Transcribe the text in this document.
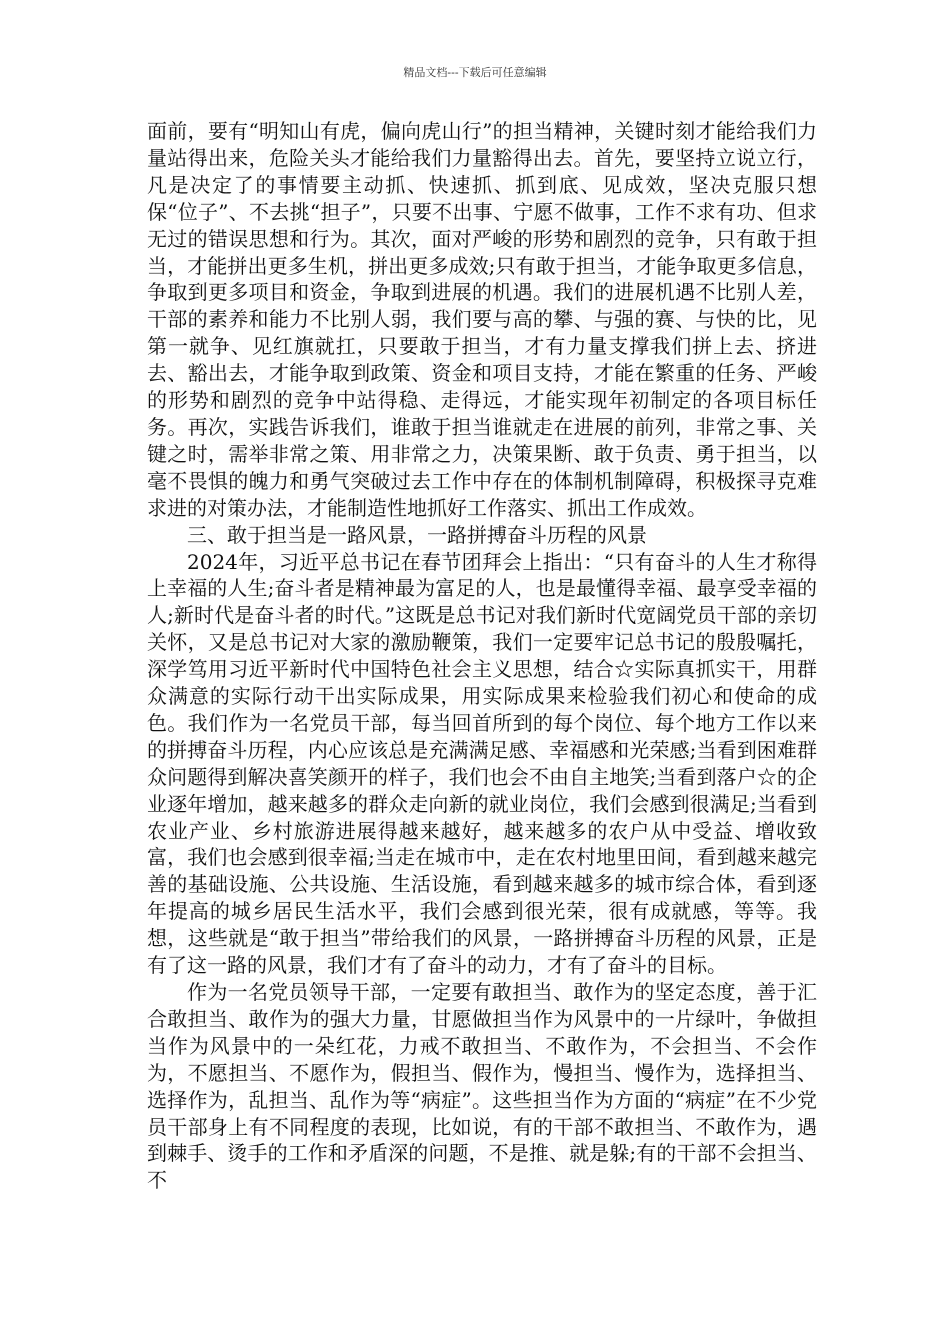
精品文档---下载后可任意编辑

面前，要有“明知山有虎，偏向虎山行”的担当精神，关键时刻才能给我们力量站得出来，危险关头才能给我们力量豁得出去。首先，要坚持立说立行，凡是决定了的事情要主动抓、快速抓、抓到底、见成效，坚决克服只想保“位子”、不去挑“担子”，只要不出事、宁愿不做事，工作不求有功、但求无过的错误思想和行为。其次，面对严峻的形势和剧烈的竞争，只有敢于担当，才能拼出更多生机，拼出更多成效;只有敢于担当，才能争取更多信息，争取到更多项目和资金，争取到进展的机遇。我们的进展机遇不比别人差，干部的素养和能力不比别人弱，我们要与高的攀、与强的赛、与快的比，见第一就争、见红旗就扛，只要敢于担当，才有力量支撑我们拼上去、挤进去、豁出去，才能争取到政策、资金和项目支持，才能在繁重的任务、严峻的形势和剧烈的竞争中站得稳、走得远，才能实现年初制定的各项目标任务。再次，实践告诉我们，谁敢于担当谁就走在进展的前列，非常之事、关键之时，需举非常之策、用非常之力，决策果断、敢于负责、勇于担当，以毫不畏惧的魄力和勇气突破过去工作中存在的体制机制障碍，积极探寻克难求进的对策办法，才能制造性地抓好工作落实、抓出工作成效。

三、敢于担当是一路风景，一路拼搏奋斗历程的风景

2024年，习近平总书记在春节团拜会上指出：“只有奋斗的人生才称得上幸福的人生;奋斗者是精神最为富足的人，也是最懂得幸福、最享受幸福的人;新时代是奋斗者的时代。”这既是总书记对我们新时代宽阔党员干部的亲切关怀，又是总书记对大家的激励鞭策，我们一定要牢记总书记的殷殷嘱托，深学笃用习近平新时代中国特色社会主义思想，结合☆实际真抓实干，用群众满意的实际行动干出实际成果，用实际成果来检验我们初心和使命的成色。我们作为一名党员干部，每当回首所到的每个岗位、每个地方工作以来的拼搏奋斗历程，内心应该总是充满满足感、幸福感和光荣感;当看到困难群众问题得到解决喜笑颜开的样子，我们也会不由自主地笑;当看到落户☆的企业逐年增加，越来越多的群众走向新的就业岗位，我们会感到很满足;当看到农业产业、乡村旅游进展得越来越好，越来越多的农户从中受益、增收致富，我们也会感到很幸福;当走在城市中，走在农村地里田间，看到越来越完善的基础设施、公共设施、生活设施，看到越来越多的城市综合体，看到逐年提高的城乡居民生活水平，我们会感到很光荣，很有成就感，等等。我想，这些就是“敢于担当”带给我们的风景，一路拼搏奋斗历程的风景，正是有了这一路的风景，我们才有了奋斗的动力，才有了奋斗的目标。

作为一名党员领导干部，一定要有敢担当、敢作为的坚定态度，善于汇合敢担当、敢作为的强大力量，甘愿做担当作为风景中的一片绿叶，争做担当作为风景中的一朵红花，力戒不敢担当、不敢作为，不会担当、不会作为，不愿担当、不愿作为，假担当、假作为，慢担当、慢作为，选择担当、选择作为，乱担当、乱作为等“病症”。这些担当作为方面的“病症”在不少党员干部身上有不同程度的表现，比如说，有的干部不敢担当、不敢作为，遇到棘手、烫手的工作和矛盾深的问题，不是推、就是躲;有的干部不会担当、不
